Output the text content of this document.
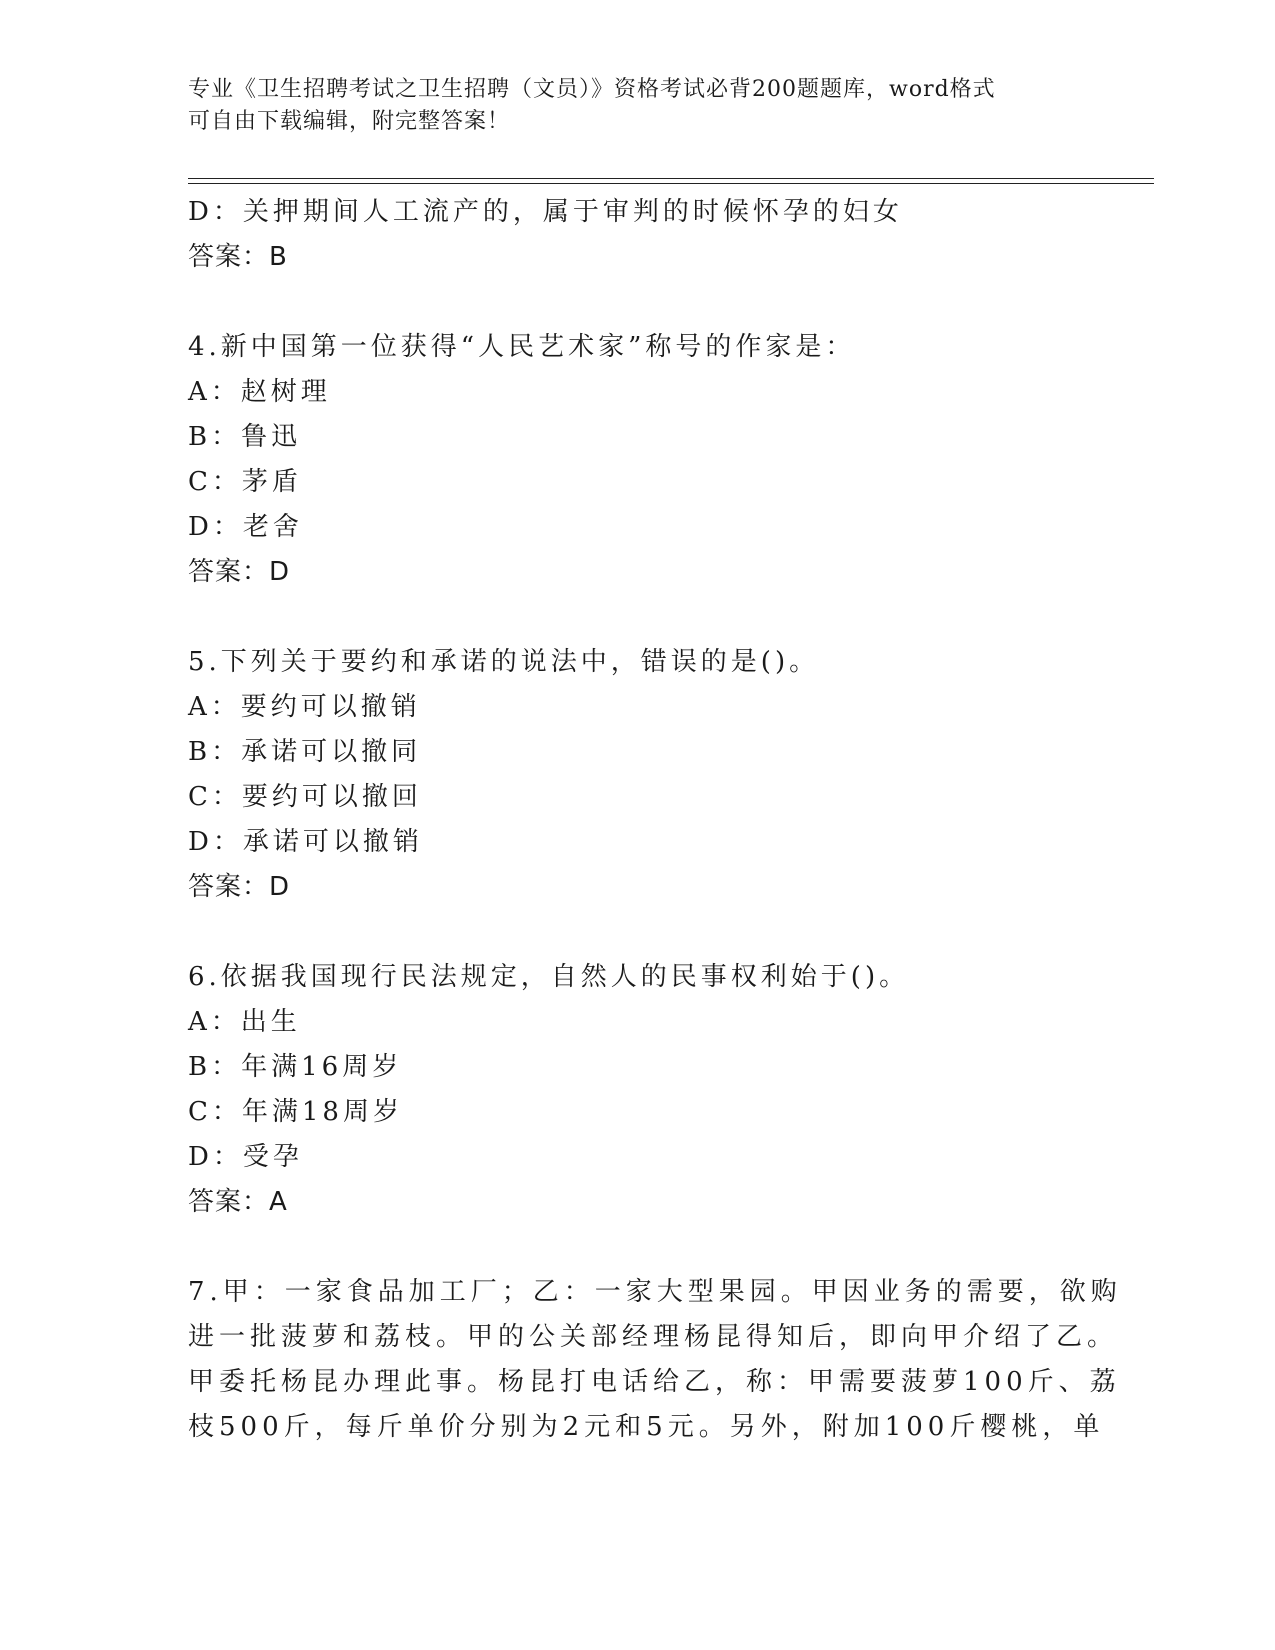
专业《卫生招聘考试之卫生招聘（文员）》资格考试必背200题题库，word格式
可自由下载编辑，附完整答案！
D：关押期间人工流产的，属于审判的时候怀孕的妇女
答案：B
4.新中国第一位获得“人民艺术家”称号的作家是：
A：赵树理
B：鲁迅
C：茅盾
D：老舍
答案：D
5.下列关于要约和承诺的说法中，错误的是()。
A：要约可以撤销
B：承诺可以撤同
C：要约可以撤回
D：承诺可以撤销
答案：D
6.依据我国现行民法规定，自然人的民事权利始于()。
A：出生
B：年满16周岁
C：年满18周岁
D：受孕
答案：A
7.甲：一家食品加工厂；乙：一家大型果园。甲因业务的需要，欲购
进一批菠萝和荔枝。甲的公关部经理杨昆得知后，即向甲介绍了乙。
甲委托杨昆办理此事。杨昆打电话给乙，称：甲需要菠萝100斤、荔
枝500斤，每斤单价分别为2元和5元。另外，附加100斤樱桃，单
